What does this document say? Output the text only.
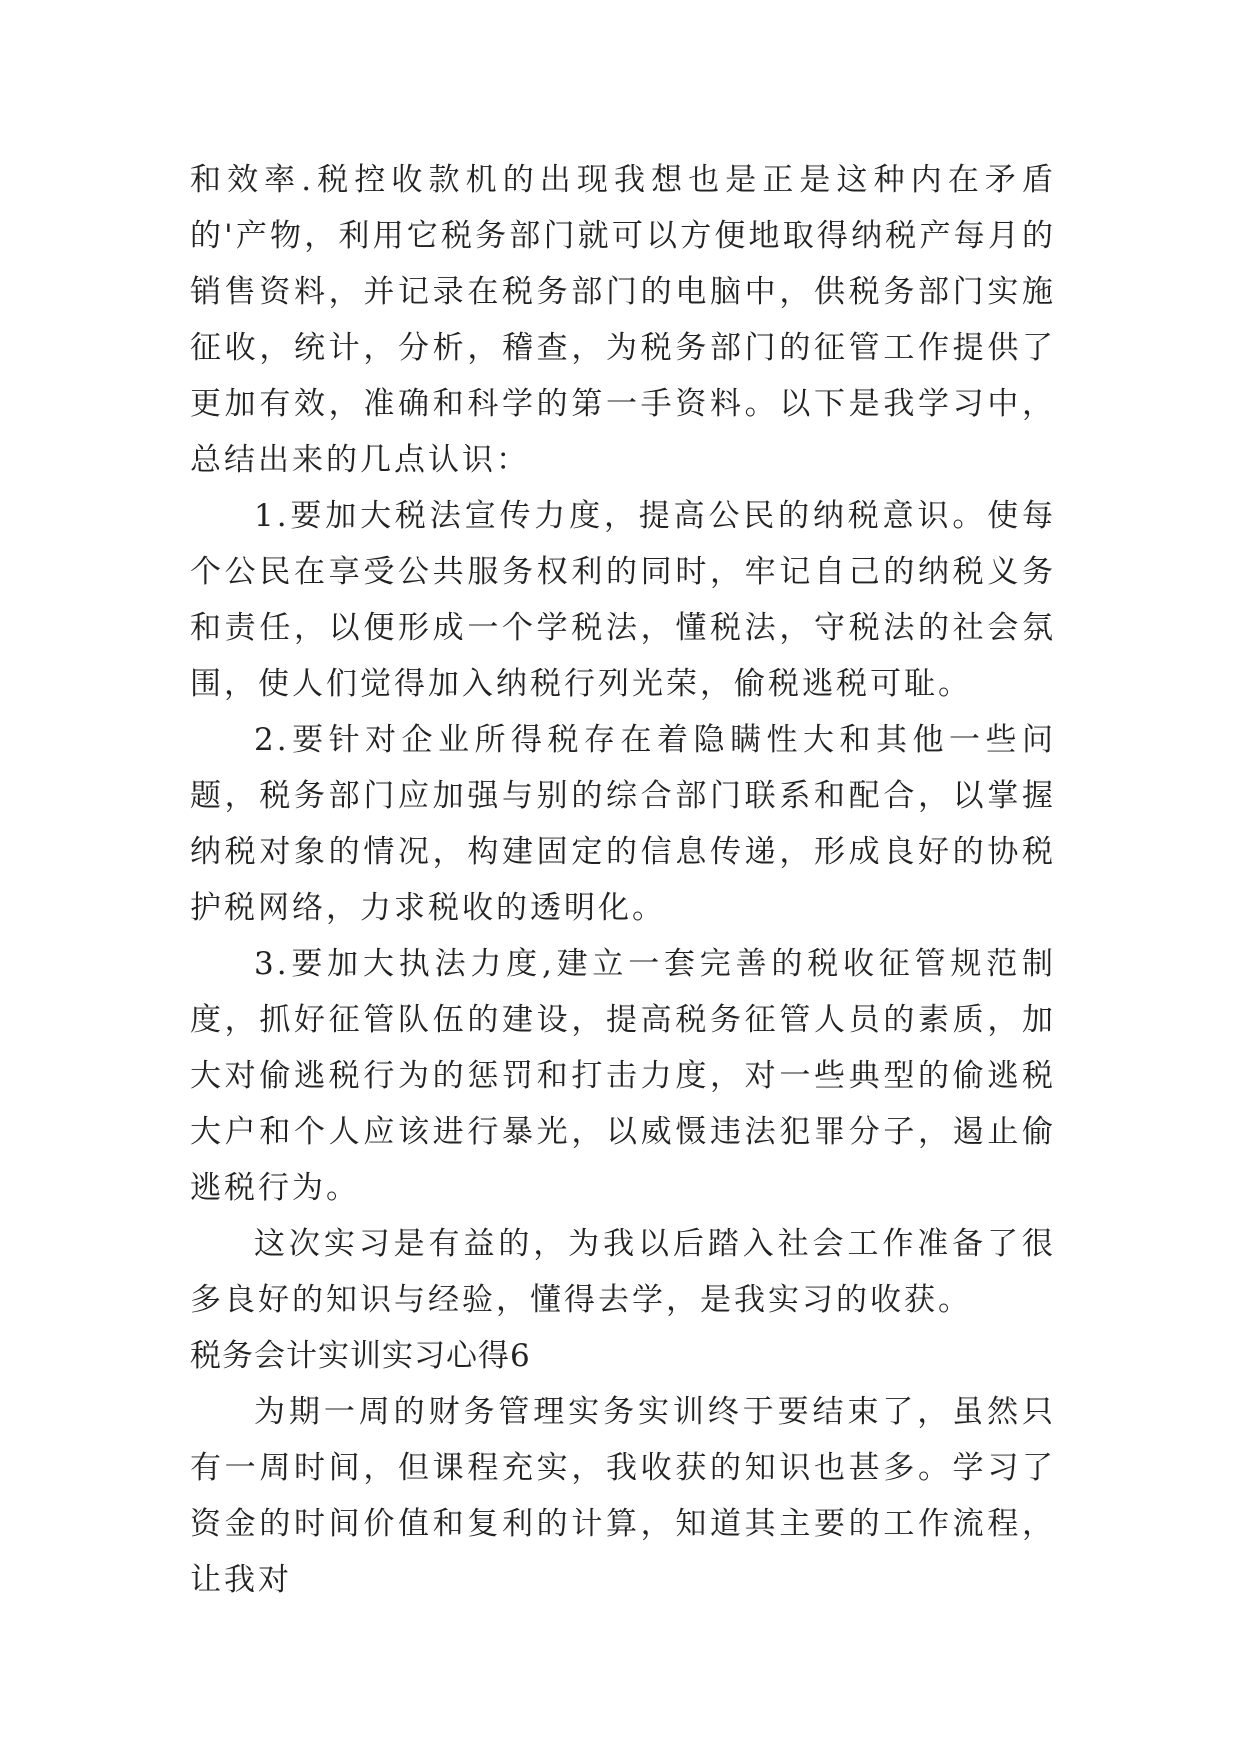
和效率.税控收款机的出现我想也是正是这种内在矛盾的'产物，利用它税务部门就可以方便地取得纳税产每月的销售资料，并记录在税务部门的电脑中，供税务部门实施征收，统计，分析，稽查，为税务部门的征管工作提供了更加有效，准确和科学的第一手资料。以下是我学习中，总结出来的几点认识：

1.要加大税法宣传力度，提高公民的纳税意识。使每个公民在享受公共服务权利的同时，牢记自己的纳税义务和责任，以便形成一个学税法，懂税法，守税法的社会氛围，使人们觉得加入纳税行列光荣，偷税逃税可耻。

2.要针对企业所得税存在着隐瞒性大和其他一些问题，税务部门应加强与别的综合部门联系和配合，以掌握纳税对象的情况，构建固定的信息传递，形成良好的协税护税网络，力求税收的透明化。

3.要加大执法力度,建立一套完善的税收征管规范制度，抓好征管队伍的建设，提高税务征管人员的素质，加大对偷逃税行为的惩罚和打击力度，对一些典型的偷逃税大户和个人应该进行暴光，以威慑违法犯罪分子，遏止偷逃税行为。

这次实习是有益的，为我以后踏入社会工作准备了很多良好的知识与经验，懂得去学，是我实习的收获。

税务会计实训实习心得6

为期一周的财务管理实务实训终于要结束了，虽然只有一周时间，但课程充实，我收获的知识也甚多。学习了资金的时间价值和复利的计算，知道其主要的工作流程，让我对
